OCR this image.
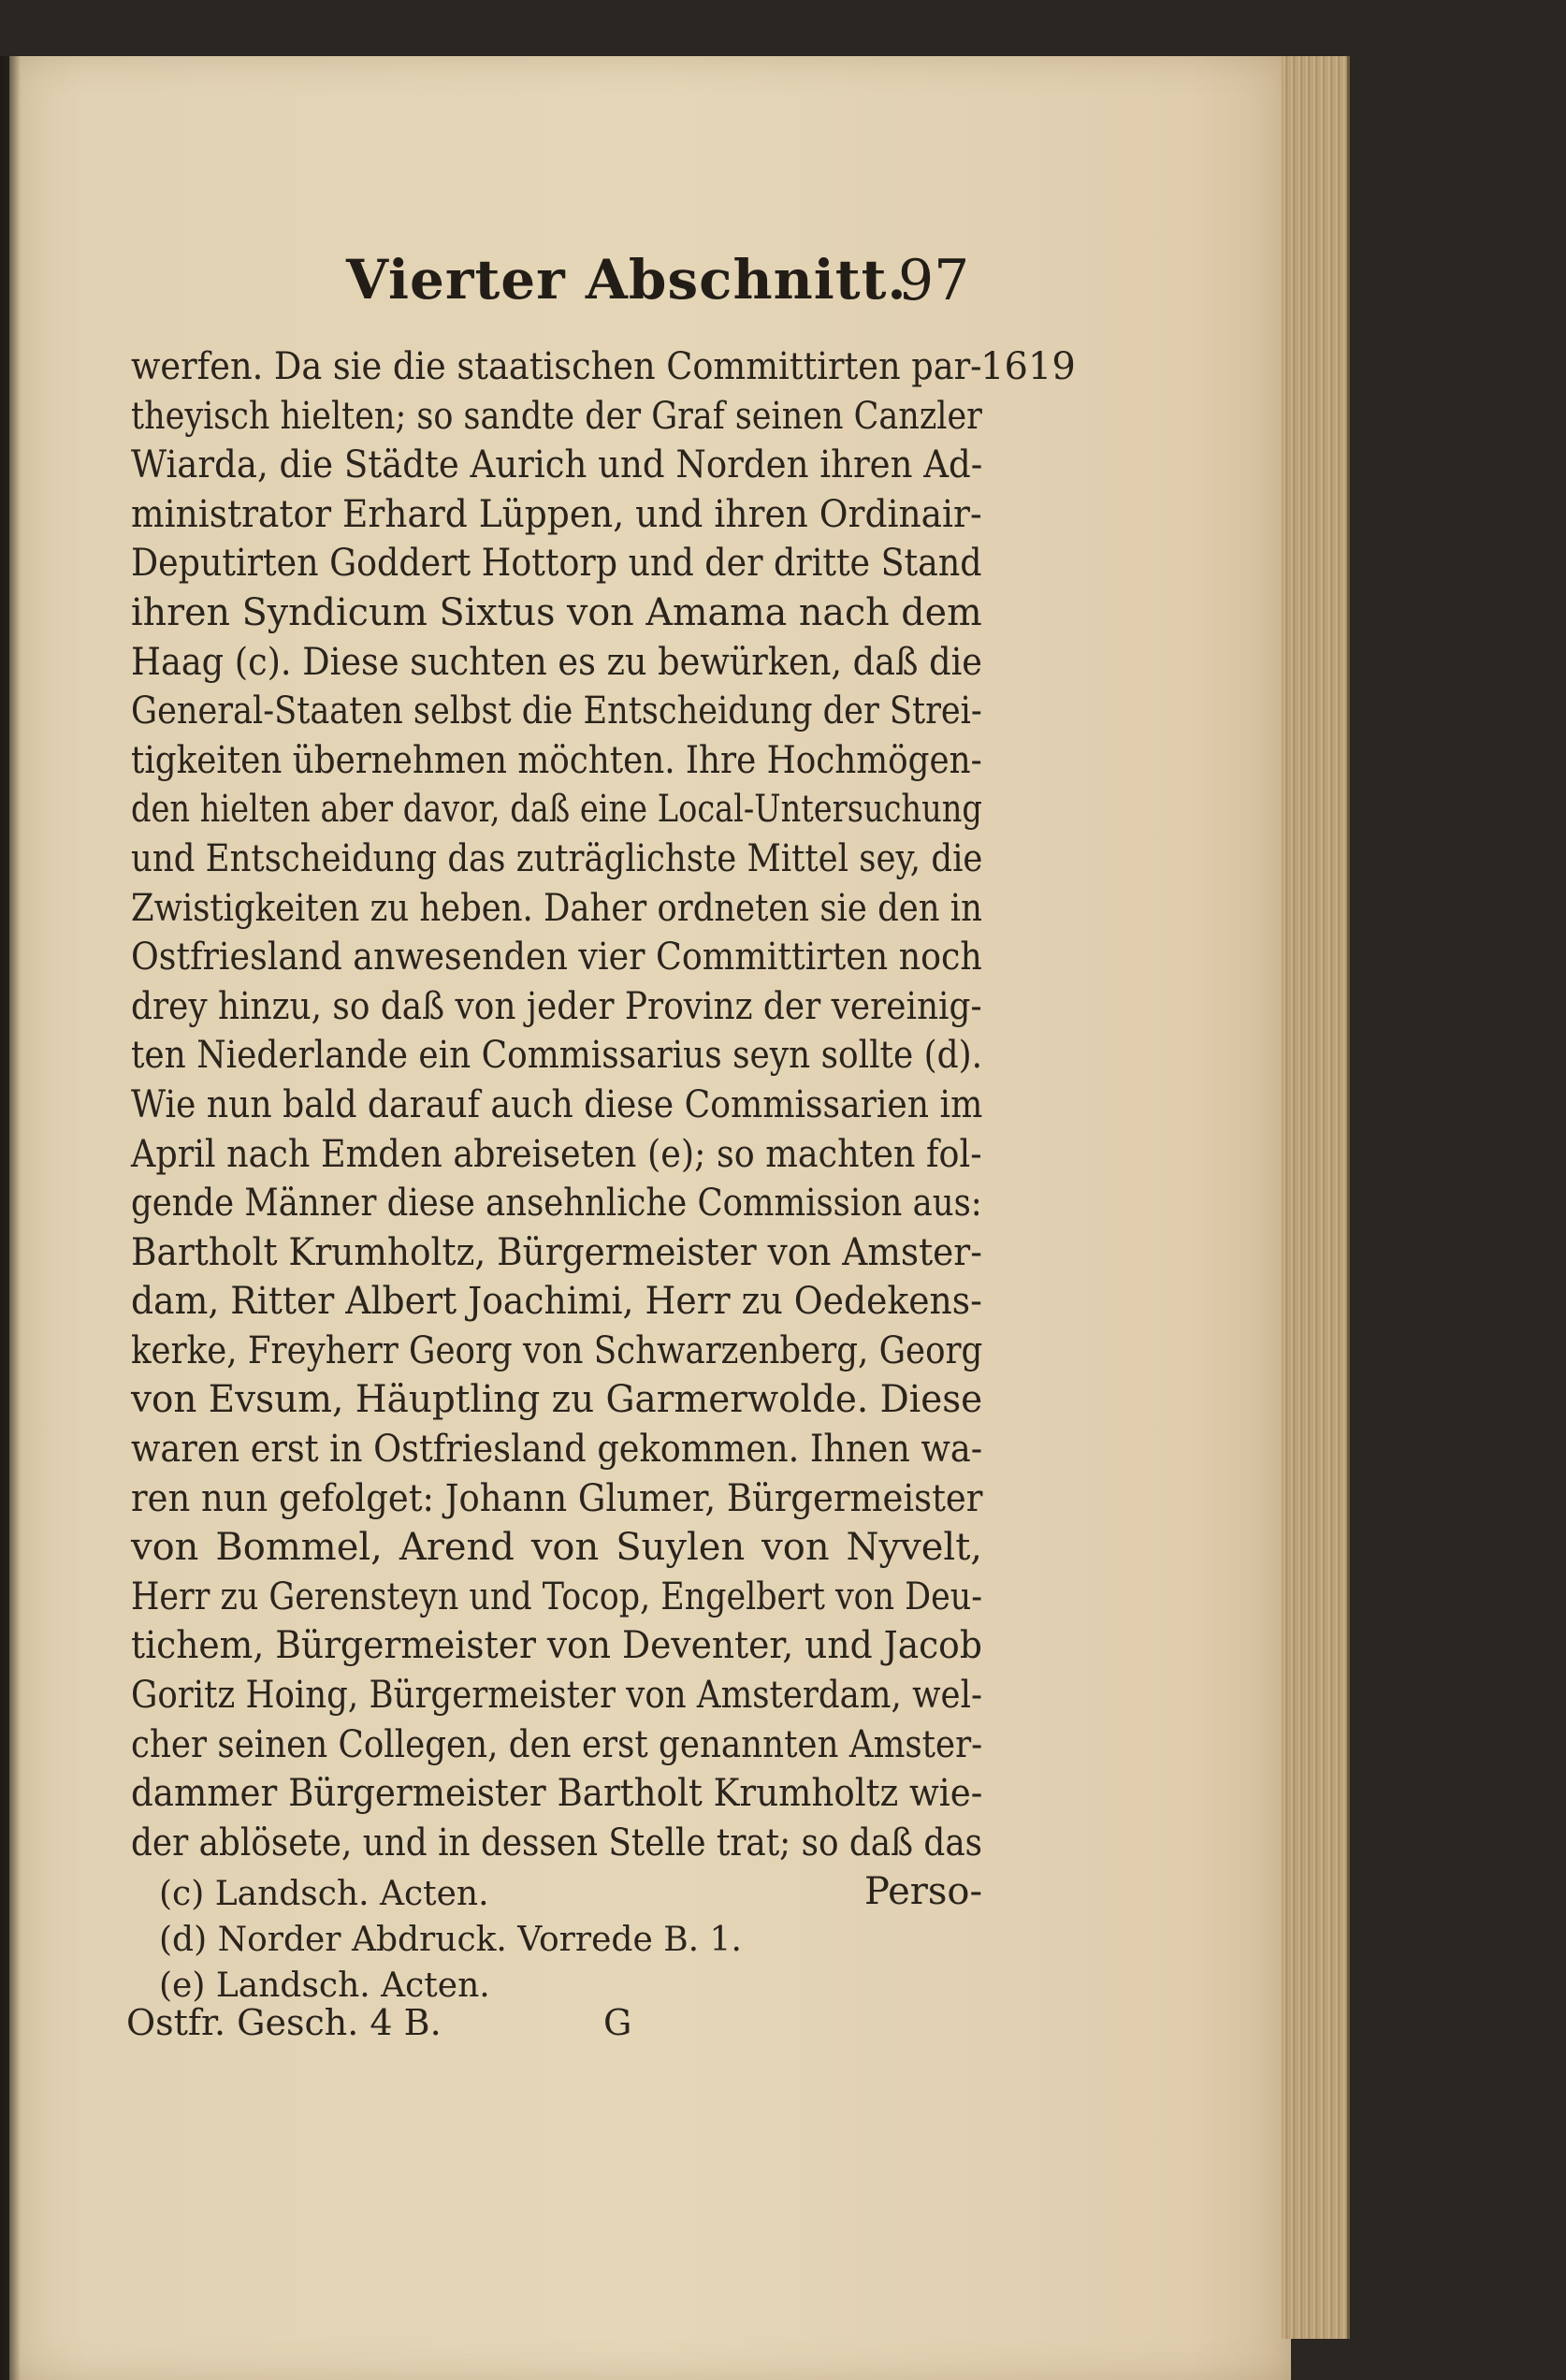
Vierter Abschnitt.
97
1619
werfen. Da sie die staatischen Committirten par-
theyisch hielten; so sandte der Graf seinen Canzler
Wiarda, die Städte Aurich und Norden ihren Ad-
ministrator Erhard Lüppen, und ihren Ordinair-
Deputirten Goddert Hottorp und der dritte Stand
ihren Syndicum Sixtus von Amama nach dem
Haag (c). Diese suchten es zu bewürken, daß die
General-Staaten selbst die Entscheidung der Strei-
tigkeiten übernehmen möchten. Ihre Hochmögen-
den hielten aber davor, daß eine Local-Untersuchung
und Entscheidung das zuträglichste Mittel sey, die
Zwistigkeiten zu heben. Daher ordneten sie den in
Ostfriesland anwesenden vier Committirten noch
drey hinzu, so daß von jeder Provinz der vereinig-
ten Niederlande ein Commissarius seyn sollte (d).
Wie nun bald darauf auch diese Commissarien im
April nach Emden abreiseten (e); so machten fol-
gende Männer diese ansehnliche Commission aus:
Bartholt Krumholtz, Bürgermeister von Amster-
dam, Ritter Albert Joachimi, Herr zu Oedekens-
kerke, Freyherr Georg von Schwarzenberg, Georg
von Evsum, Häuptling zu Garmerwolde. Diese
waren erst in Ostfriesland gekommen. Ihnen wa-
ren nun gefolget: Johann Glumer, Bürgermeister
von Bommel, Arend von Suylen von Nyvelt,
Herr zu Gerensteyn und Tocop, Engelbert von Deu-
tichem, Bürgermeister von Deventer, und Jacob
Goritz Hoing, Bürgermeister von Amsterdam, wel-
cher seinen Collegen, den erst genannten Amster-
dammer Bürgermeister Bartholt Krumholtz wie-
der ablösete, und in dessen Stelle trat; so daß das
Perso-
(c) Landsch. Acten.
(d) Norder Abdruck. Vorrede B. 1.
(e) Landsch. Acten.
Ostfr. Gesch. 4 B.	G
